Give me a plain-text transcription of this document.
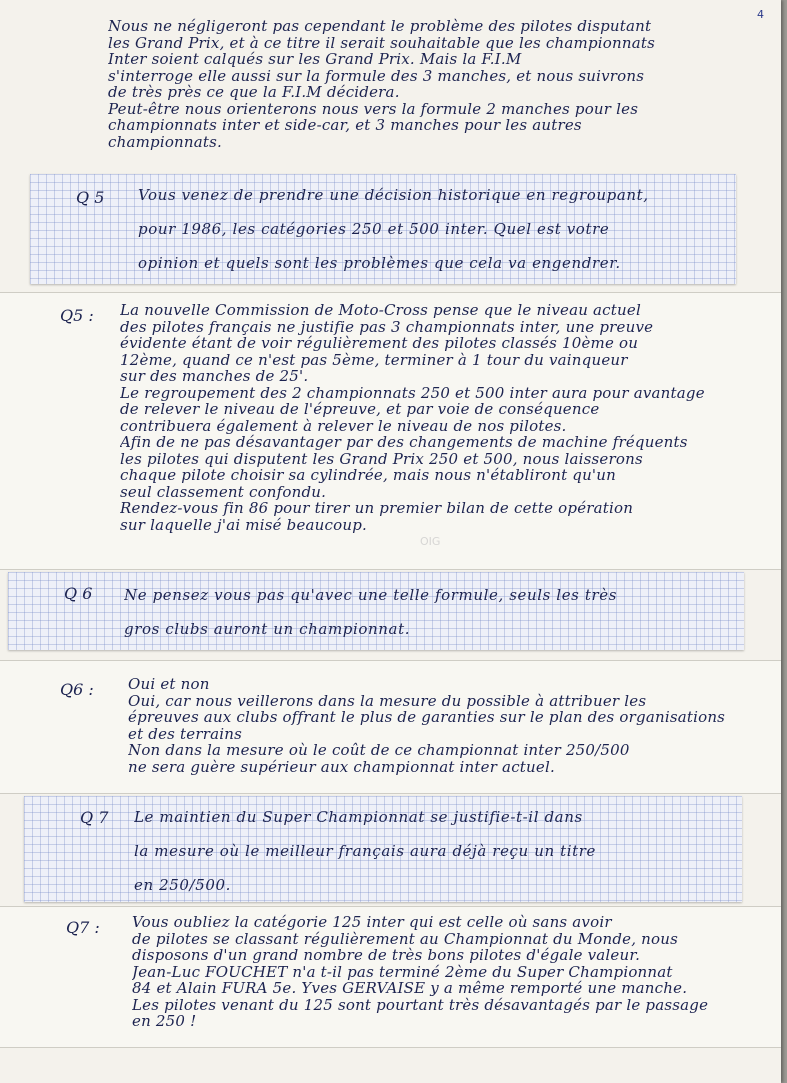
4
Nous ne négligeront pas cependant le problème des pilotes disputant
les Grand Prix, et à ce titre il serait souhaitable que les championnats
Inter soient calqués sur les Grand Prix. Mais la F.I.M
s'interroge elle aussi sur la formule des 3 manches, et nous suivrons
de très près ce que la F.I.M décidera.
Peut-être nous orienterons nous vers la formule 2 manches pour les
championnats inter et side-car, et 3 manches pour les autres
championnats.
Q 5 Vous venez de prendre une décision historique en regroupant,
pour 1986, les catégories 250 et 500 inter. Quel est votre
opinion et quels sont les problèmes que cela va engendrer.
Q5 : La nouvelle Commission de Moto-Cross pense que le niveau actuel
des pilotes français ne justifie pas 3 championnats inter, une preuve
évidente étant de voir régulièrement des pilotes classés 10ème ou
12ème, quand ce n'est pas 5ème, terminer à 1 tour du vainqueur
sur des manches de 25'.
Le regroupement des 2 championnats 250 et 500 inter aura pour avantage
de relever le niveau de l'épreuve, et par voie de conséquence
contribuera également à relever le niveau de nos pilotes.
Afin de ne pas désavantager par des changements de machine fréquents
les pilotes qui disputent les Grand Prix 250 et 500, nous laisserons
chaque pilote choisir sa cylindrée, mais nous n'établiront qu'un
seul classement confondu.
Rendez-vous fin 86 pour tirer un premier bilan de cette opération
sur laquelle j'ai misé beaucoup.
OIG
Q 6 Ne pensez vous pas qu'avec une telle formule, seuls les très
gros clubs auront un championnat.
Q6 : Oui et non
Oui, car nous veillerons dans la mesure du possible à attribuer les
épreuves aux clubs offrant le plus de garanties sur le plan des organisations
et des terrains
Non dans la mesure où le coût de ce championnat inter 250/500
ne sera guère supérieur aux championnat inter actuel.
Q 7 Le maintien du Super Championnat se justifie-t-il dans
la mesure où le meilleur français aura déjà reçu un titre
en 250/500.
Q7 : Vous oubliez la catégorie 125 inter qui est celle où sans avoir
de pilotes se classant régulièrement au Championnat du Monde, nous
disposons d'un grand nombre de très bons pilotes d'égale valeur.
Jean-Luc FOUCHET n'a t-il pas terminé 2ème du Super Championnat
84 et Alain FURA 5e. Yves GERVAISE y a même remporté une manche.
Les pilotes venant du 125 sont pourtant très désavantagés par le passage
en 250 !
